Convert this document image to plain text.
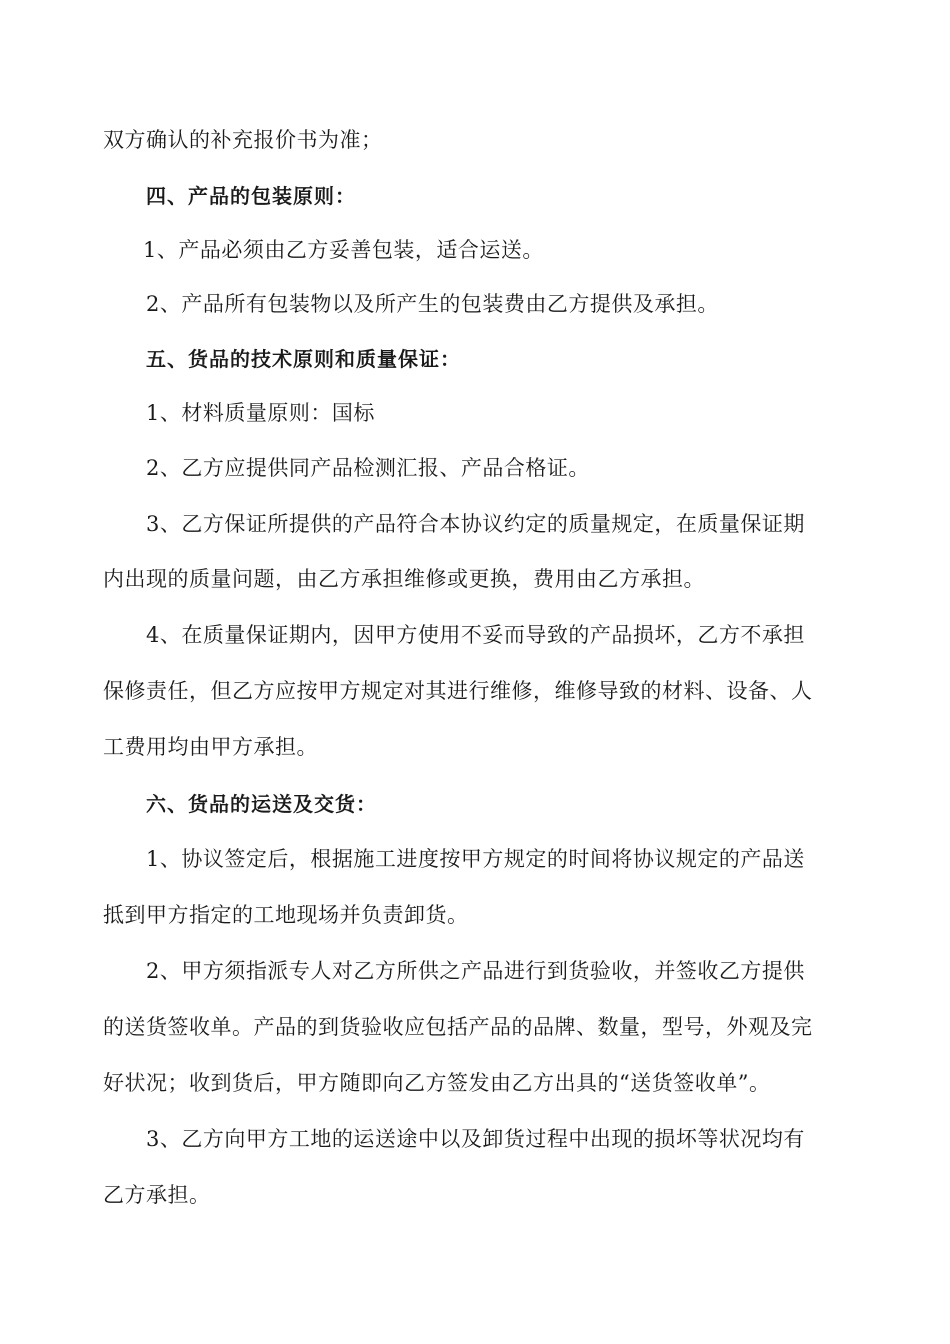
双方确认的补充报价书为准；
四、产品的包装原则：
1、产品必须由乙方妥善包装，适合运送。
2、产品所有包装物以及所产生的包装费由乙方提供及承担。
五、货品的技术原则和质量保证：
1、材料质量原则：国标
2、乙方应提供同产品检测汇报、产品合格证。
3、乙方保证所提供的产品符合本协议约定的质量规定，在质量保证期
内出现的质量问题，由乙方承担维修或更换，费用由乙方承担。
4、在质量保证期内，因甲方使用不妥而导致的产品损坏，乙方不承担
保修责任，但乙方应按甲方规定对其进行维修，维修导致的材料、设备、人
工费用均由甲方承担。
六、货品的运送及交货：
1、协议签定后，根据施工进度按甲方规定的时间将协议规定的产品送
抵到甲方指定的工地现场并负责卸货。
2、甲方须指派专人对乙方所供之产品进行到货验收，并签收乙方提供
的送货签收单。产品的到货验收应包括产品的品牌、数量，型号，外观及完
好状况；收到货后，甲方随即向乙方签发由乙方出具的“送货签收单”。
3、乙方向甲方工地的运送途中以及卸货过程中出现的损坏等状况均有
乙方承担。
